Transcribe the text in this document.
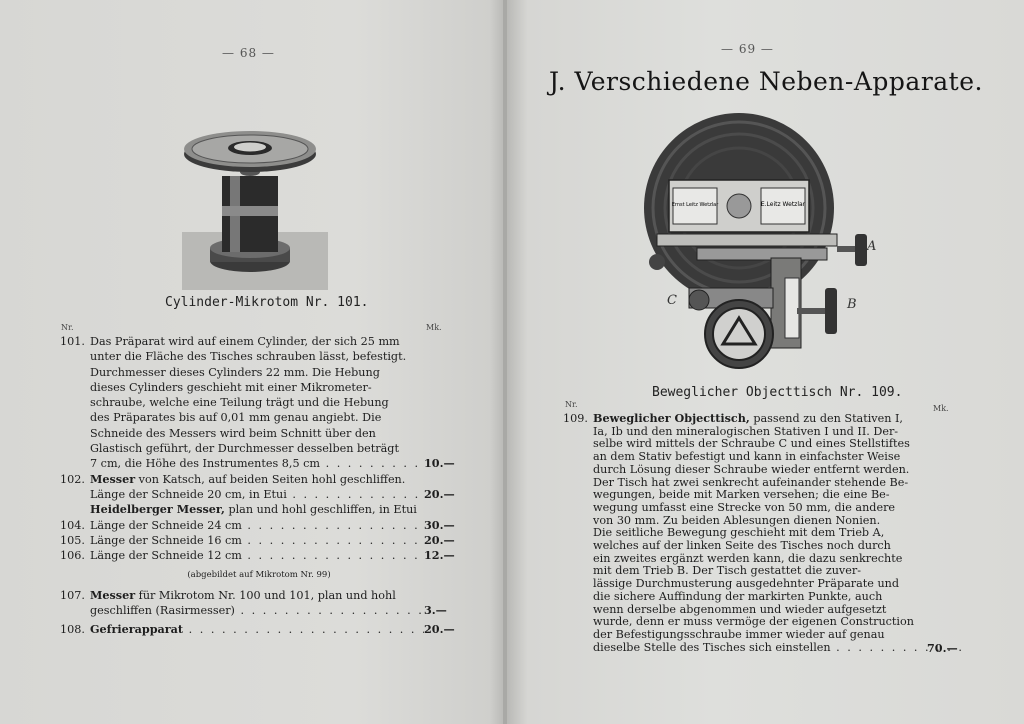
— 68 —
Cylinder-Mikrotom Nr. 101.
Nr.	Mk.
101. Das Präparat wird auf einem Cylinder, der sich 25 mm
unter die Fläche des Tisches schrauben lässt, befestigt.
Durchmesser dieses Cylinders 22 mm. Die Hebung
dieses Cylinders geschieht mit einer Mikrometer-
schraube, welche eine Teilung trägt und die Hebung
des Präparates bis auf 0,01 mm genau angiebt. Die
Schneide des Messers wird beim Schnitt über den
Glastisch geführt, der Durchmesser desselben beträgt
7 cm, die Höhe des Instrumentes 8,5 cm . . .	10.—
102. Messer von Katsch, auf beiden Seiten hohl geschliffen.
Länge der Schneide 20 cm, in Etui . . .	20.—
Heidelberger Messer, plan und hohl geschliffen, in Etui
104. Länge der Schneide 24 cm . . .	30.—
105. Länge der Schneide 16 cm . . .	20.—
106. Länge der Schneide 12 cm . . .	12.—
(abgebildet auf Mikrotom Nr. 99)
107. Messer für Mikrotom Nr. 100 und 101, plan und hohl
geschliffen (Rasirmesser) . . .	3.—
108. Gefrierapparat . . .	20.—
— 69 —
J. Verschiedene Neben-Apparate.
Ernst Leitz Wetzlar	E.Leitz Wetzlar
A
B
C
Beweglicher Objecttisch Nr. 109.
Nr.	Mk.
109. Beweglicher Objecttisch, passend zu den Stativen I,
Ia, Ib und den mineralogischen Stativen I und II. Der-
selbe wird mittels der Schraube C und eines Stellstiftes
an dem Stativ befestigt und kann in einfachster Weise
durch Lösung dieser Schraube wieder entfernt werden.
Der Tisch hat zwei senkrecht aufeinander stehende Be-
wegungen, beide mit Marken versehen; die eine Be-
wegung umfasst eine Strecke von 50 mm, die andere
von 30 mm. Zu beiden Ablesungen dienen Nonien.
Die seitliche Bewegung geschieht mit dem Trieb A,
welches auf der linken Seite des Tisches noch durch
ein zweites ergänzt werden kann, die dazu senkrechte
mit dem Trieb B. Der Tisch gestattet die zuver-
lässige Durchmusterung ausgedehnter Präparate und
die sichere Auffindung der markirten Punkte, auch
wenn derselbe abgenommen und wieder aufgesetzt
wurde, denn er muss vermöge der eigenen Construction
der Befestigungsschraube immer wieder auf genau
dieselbe Stelle des Tisches sich einstellen . . .	70.—
